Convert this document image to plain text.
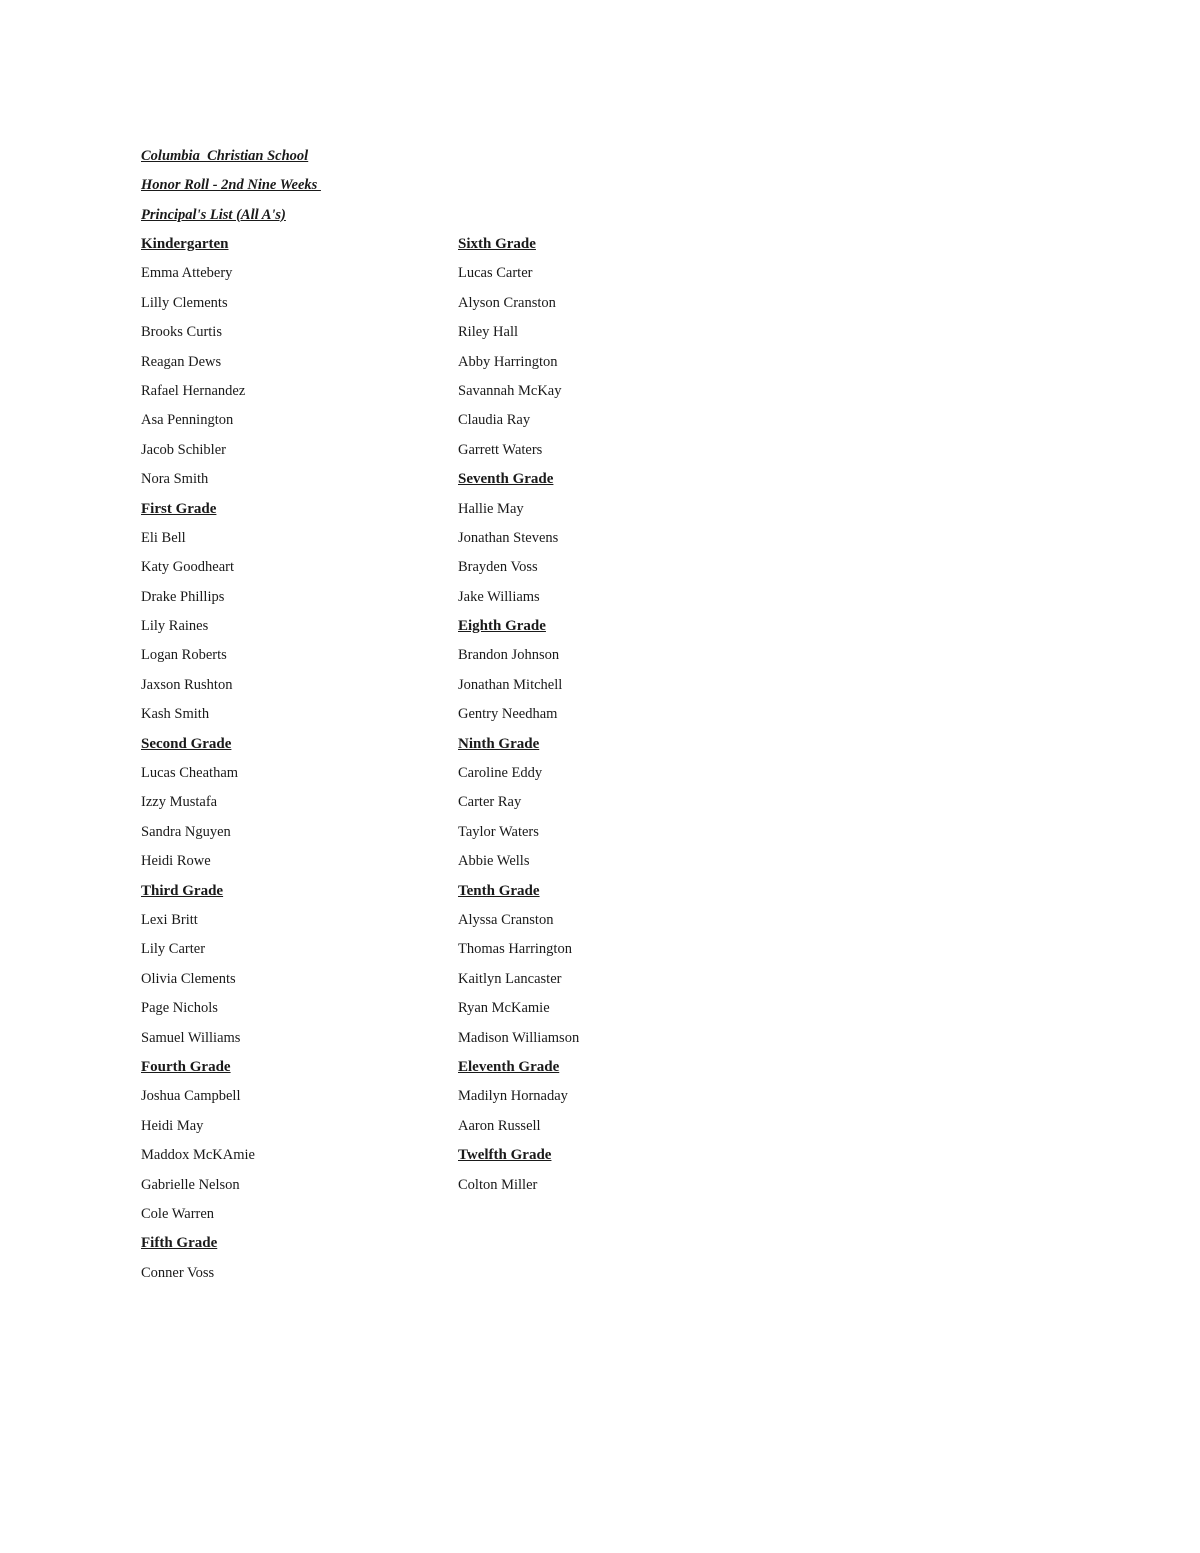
Columbia  Christian School
Honor Roll - 2nd Nine Weeks
Principal's List (All A's)
Kindergarten
Emma Attebery
Lilly Clements
Brooks Curtis
Reagan Dews
Rafael Hernandez
Asa Pennington
Jacob Schibler
Nora Smith
First Grade
Eli Bell
Katy Goodheart
Drake Phillips
Lily Raines
Logan Roberts
Jaxson Rushton
Kash Smith
Second Grade
Lucas Cheatham
Izzy Mustafa
Sandra Nguyen
Heidi Rowe
Third Grade
Lexi Britt
Lily Carter
Olivia Clements
Page Nichols
Samuel Williams
Fourth Grade
Joshua Campbell
Heidi May
Maddox McKAmie
Gabrielle Nelson
Cole Warren
Fifth Grade
Conner Voss
Sixth Grade
Lucas Carter
Alyson Cranston
Riley Hall
Abby Harrington
Savannah McKay
Claudia Ray
Garrett Waters
Seventh Grade
Hallie May
Jonathan Stevens
Brayden Voss
Jake Williams
Eighth Grade
Brandon Johnson
Jonathan Mitchell
Gentry Needham
Ninth Grade
Caroline Eddy
Carter Ray
Taylor Waters
Abbie Wells
Tenth Grade
Alyssa Cranston
Thomas Harrington
Kaitlyn Lancaster
Ryan McKamie
Madison Williamson
Eleventh Grade
Madilyn Hornaday
Aaron Russell
Twelfth Grade
Colton Miller
